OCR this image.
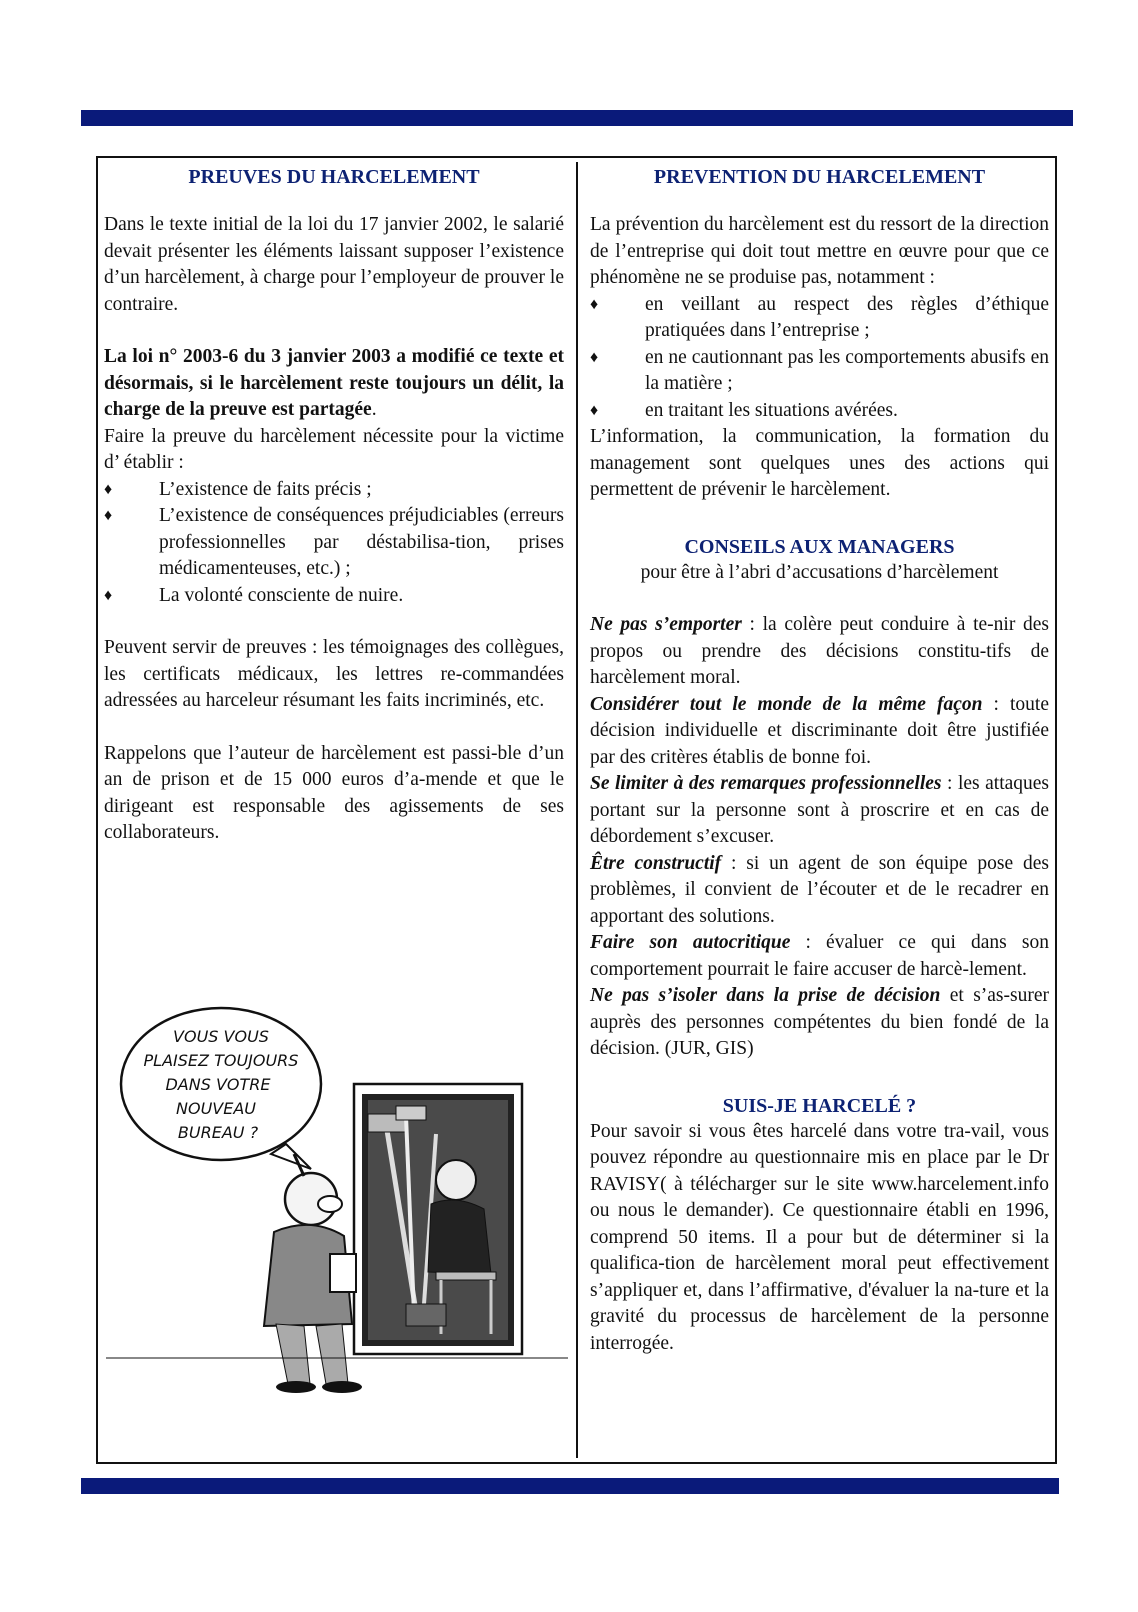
PREUVES DU HARCELEMENT

Dans le texte initial de la loi du 17 janvier 2002, le salarié devait présenter les éléments laissant supposer l’existence d’un harcèlement, à charge pour l’employeur de prouver le contraire.

La loi n° 2003-6 du 3 janvier 2003 a modifié ce texte et désormais, si le harcèlement reste toujours un délit, la charge de la preuve est partagée.

Faire la preuve du harcèlement nécessite pour la victime d’ établir :

♦	L’existence de faits précis ;
♦	L’existence de conséquences préjudiciables (erreurs professionnelles par déstabilisa-tion, prises médicamenteuses, etc.) ;
♦	La volonté consciente de nuire.

Peuvent servir de preuves : les témoignages des collègues, les certificats médicaux, les lettres re-commandées adressées au harceleur résumant les faits incriminés, etc.

Rappelons que l’auteur de harcèlement est passi-ble d’un an de prison et de 15 000 euros d’a-mende et que le dirigeant est responsable des agissements de ses collaborateurs.

VOUS VOUS
PLAISEZ TOUJOURS
DANS VOTRE
NOUVEAU
BUREAU ?
PREVENTION DU HARCELEMENT

La prévention du harcèlement est du ressort de la direction de l’entreprise qui doit tout mettre en œuvre pour que ce phénomène ne se produise pas, notamment :

♦	en veillant au respect des règles d’éthique pratiquées dans l’entreprise ;
♦	en ne cautionnant pas les comportements abusifs en la matière ;
♦	en traitant les situations avérées.

L’information, la communication, la formation du management sont quelques unes des actions qui permettent de prévenir le harcèlement.

CONSEILS AUX MANAGERS

pour être à l’abri d’accusations d’harcèlement

Ne pas s’emporter : la colère peut conduire à te-nir des propos ou prendre des décisions constitu-tifs de harcèlement moral.

Considérer tout le monde de la même façon : toute décision individuelle et discriminante doit être justifiée par des critères établis de bonne foi.

Se limiter à des remarques professionnelles : les attaques portant sur la personne sont à proscrire et en cas de débordement s’excuser.

Être constructif : si un agent de son équipe pose des problèmes, il convient de l’écouter et de le recadrer en apportant des solutions.

Faire son autocritique : évaluer ce qui dans son comportement pourrait le faire accuser de harcè-lement.

Ne pas s’isoler dans la prise de décision et s’as-surer auprès des personnes compétentes du bien fondé de la décision. (JUR, GIS)

SUIS-JE HARCELÉ ?

Pour savoir si vous êtes harcelé dans votre tra-vail, vous pouvez répondre au questionnaire mis en place par le Dr RAVISY( à télécharger sur le site www.harcelement.info ou nous le demander). Ce questionnaire établi en 1996, comprend 50 items. Il a pour but de déterminer si la qualifica-tion de harcèlement moral peut effectivement s’appliquer et, dans l’affirmative, d'évaluer la na-ture et la gravité du processus de harcèlement de la personne interrogée.
